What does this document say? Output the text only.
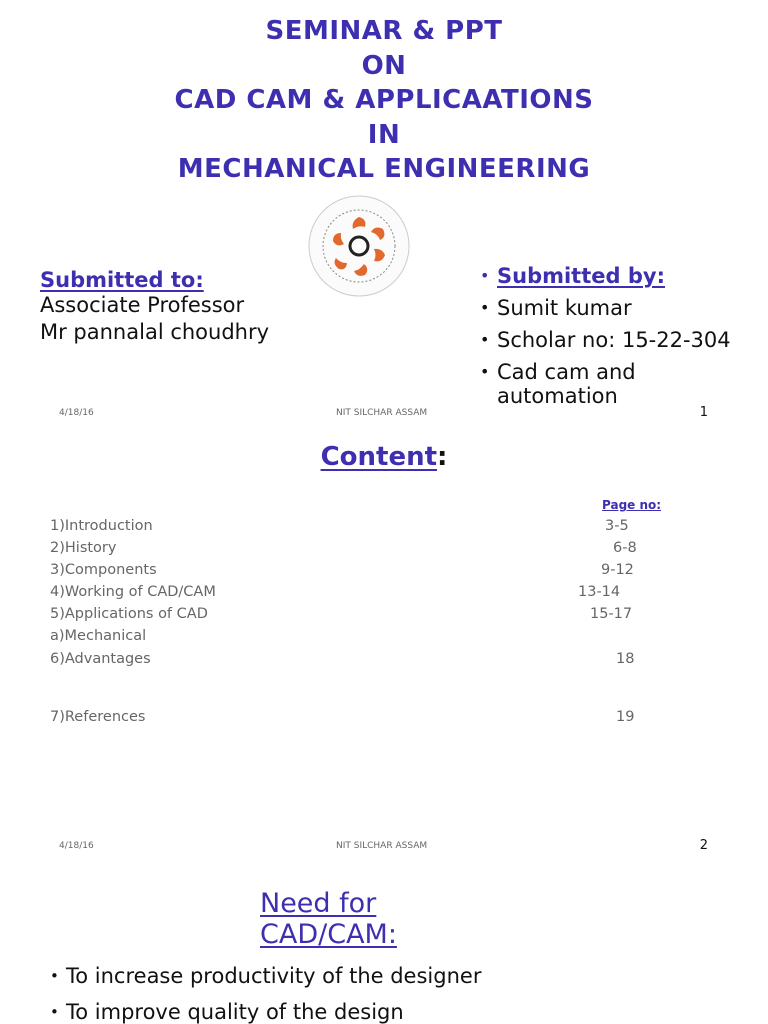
SEMINAR & PPT
ON
CAD CAM & APPLICAATIONS
IN
MECHANICAL ENGINEERING
Submitted to:
Associate Professor
Mr pannalal choudhry
• Submitted by:
• Sumit kumar
• Scholar no: 15-22-304
• Cad cam and automation
4/18/16	NIT SILCHAR ASSAM	1
Content:
Page no:
1)Introduction	3-5
2)History	6-8
3)Components	9-12
4)Working of CAD/CAM	13-14
5)Applications of CAD	15-17
a)Mechanical
6)Advantages	18
7)References	19
4/18/16	NIT SILCHAR ASSAM	2
Need for
CAD/CAM:
• To increase productivity of the designer
• To improve quality of the design
